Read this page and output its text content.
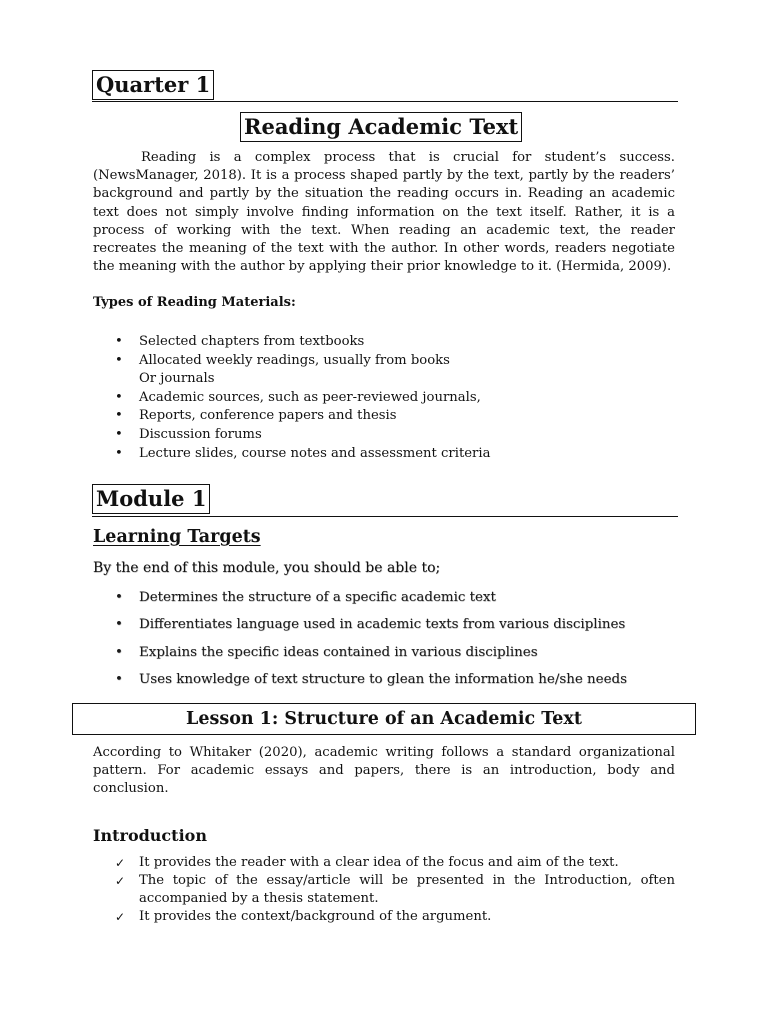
Quarter 1
Reading Academic Text
Reading is a complex process that is crucial for student’s success. (NewsManager, 2018). It is a process shaped partly by the text, partly by the readers’ background and partly by the situation the reading occurs in. Reading an academic text does not simply involve finding information on the text itself. Rather, it is a process of working with the text. When reading an academic text, the reader recreates the meaning of the text with the author. In other words, readers negotiate the meaning with the author by applying their prior knowledge to it. (Hermida, 2009).
Types of Reading Materials:
• Selected chapters from textbooks
• Allocated weekly readings, usually from books
Or journals
• Academic sources, such as peer-reviewed journals,
• Reports, conference papers and thesis
• Discussion forums
• Lecture slides, course notes and assessment criteria
Module 1
Learning Targets
By the end of this module, you should be able to;
• Determines the structure of a specific academic text
• Differentiates language used in academic texts from various disciplines
• Explains the specific ideas contained in various disciplines
• Uses knowledge of text structure to glean the information he/she needs
Lesson 1: Structure of an Academic Text
According to Whitaker (2020), academic writing follows a standard organizational pattern. For academic essays and papers, there is an introduction, body and conclusion.
Introduction
✓ It provides the reader with a clear idea of the focus and aim of the text.
✓ The topic of the essay/article will be presented in the Introduction, often accompanied by a thesis statement.
✓ It provides the context/background of the argument.
